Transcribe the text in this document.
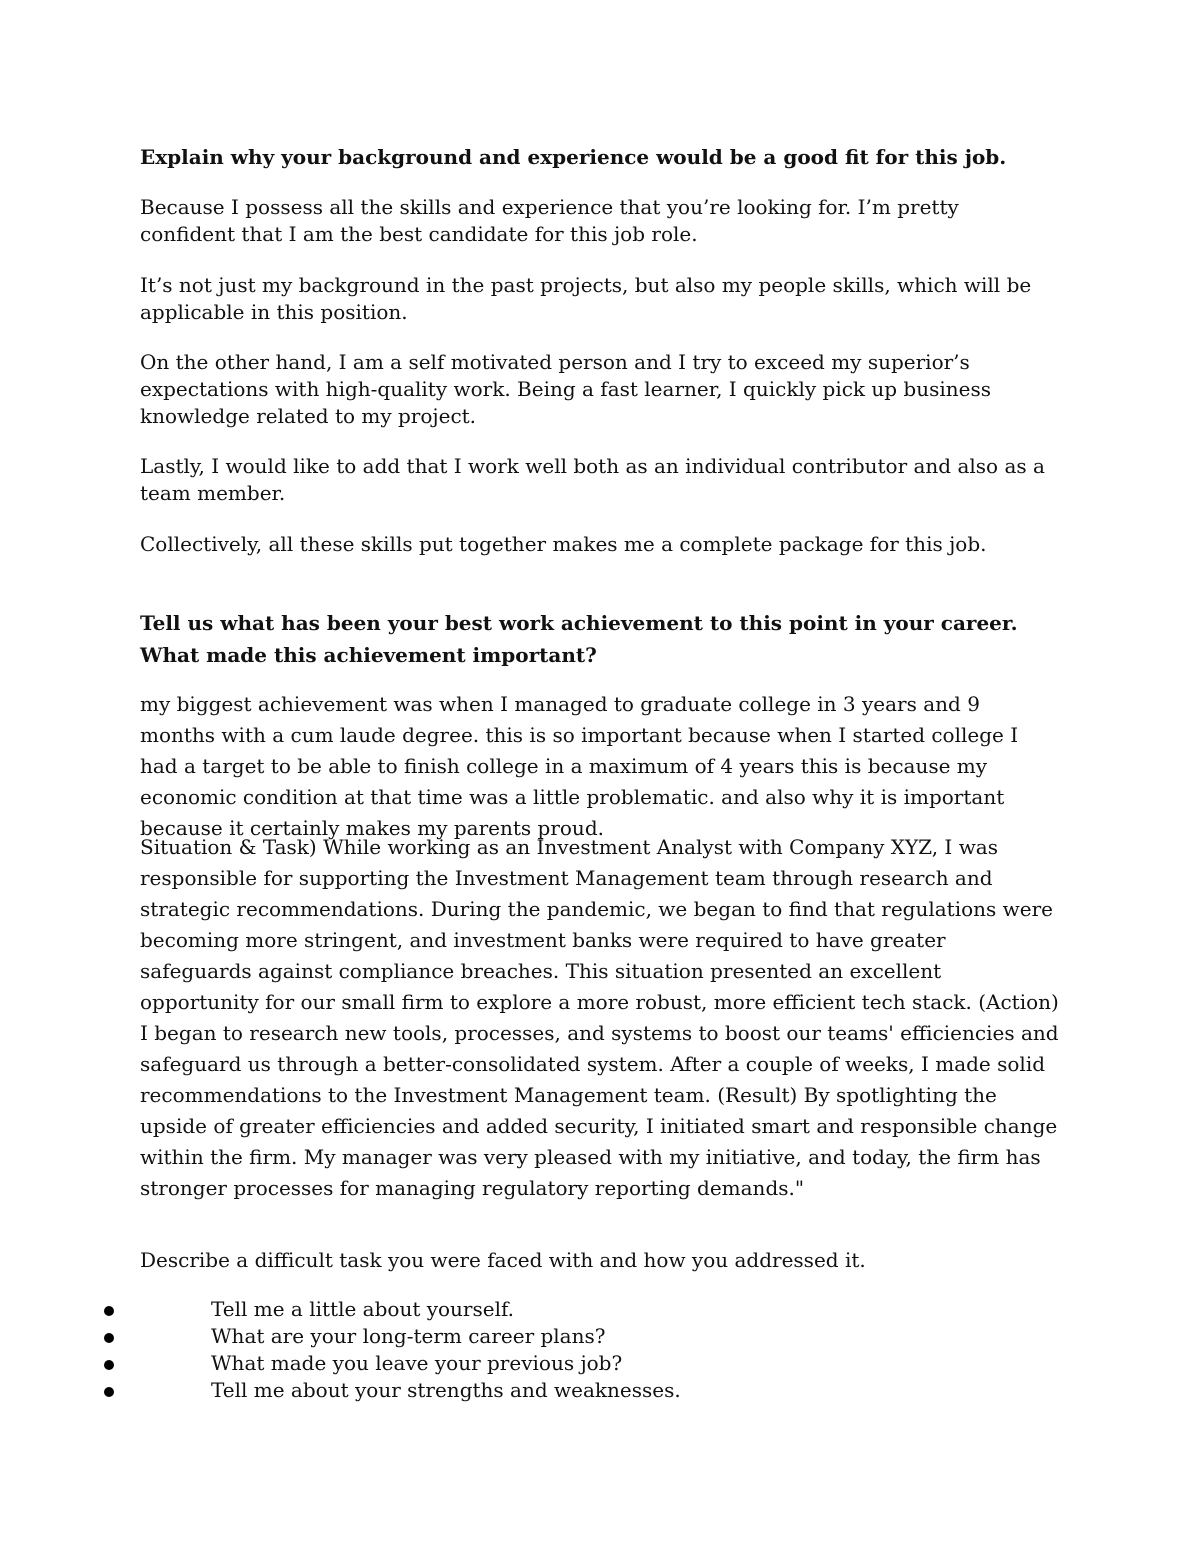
Explain why your background and experience would be a good fit for this job.

Because I possess all the skills and experience that you’re looking for. I’m pretty confident that I am the best candidate for this job role.

It’s not just my background in the past projects, but also my people skills, which will be applicable in this position.

On the other hand, I am a self motivated person and I try to exceed my superior’s expectations with high-quality work. Being a fast learner, I quickly pick up business knowledge related to my project.

Lastly, I would like to add that I work well both as an individual contributor and also as a team member.

Collectively, all these skills put together makes me a complete package for this job.

Tell us what has been your best work achievement to this point in your career. What made this achievement important?

my biggest achievement was when I managed to graduate college in 3 years and 9 months with a cum laude degree. this is so important because when I started college I had a target to be able to finish college in a maximum of 4 years this is because my economic condition at that time was a little problematic. and also why it is important because it certainly makes my parents proud.

Situation & Task) While working as an Investment Analyst with Company XYZ, I was responsible for supporting the Investment Management team through research and strategic recommendations. During the pandemic, we began to find that regulations were becoming more stringent, and investment banks were required to have greater safeguards against compliance breaches. This situation presented an excellent opportunity for our small firm to explore a more robust, more efficient tech stack. (Action) I began to research new tools, processes, and systems to boost our teams' efficiencies and safeguard us through a better-consolidated system. After a couple of weeks, I made solid recommendations to the Investment Management team. (Result) By spotlighting the upside of greater efficiencies and added security, I initiated smart and responsible change within the firm. My manager was very pleased with my initiative, and today, the firm has stronger processes for managing regulatory reporting demands."

Describe a difficult task you were faced with and how you addressed it.

Tell me a little about yourself.
What are your long-term career plans?
What made you leave your previous job?
Tell me about your strengths and weaknesses.
